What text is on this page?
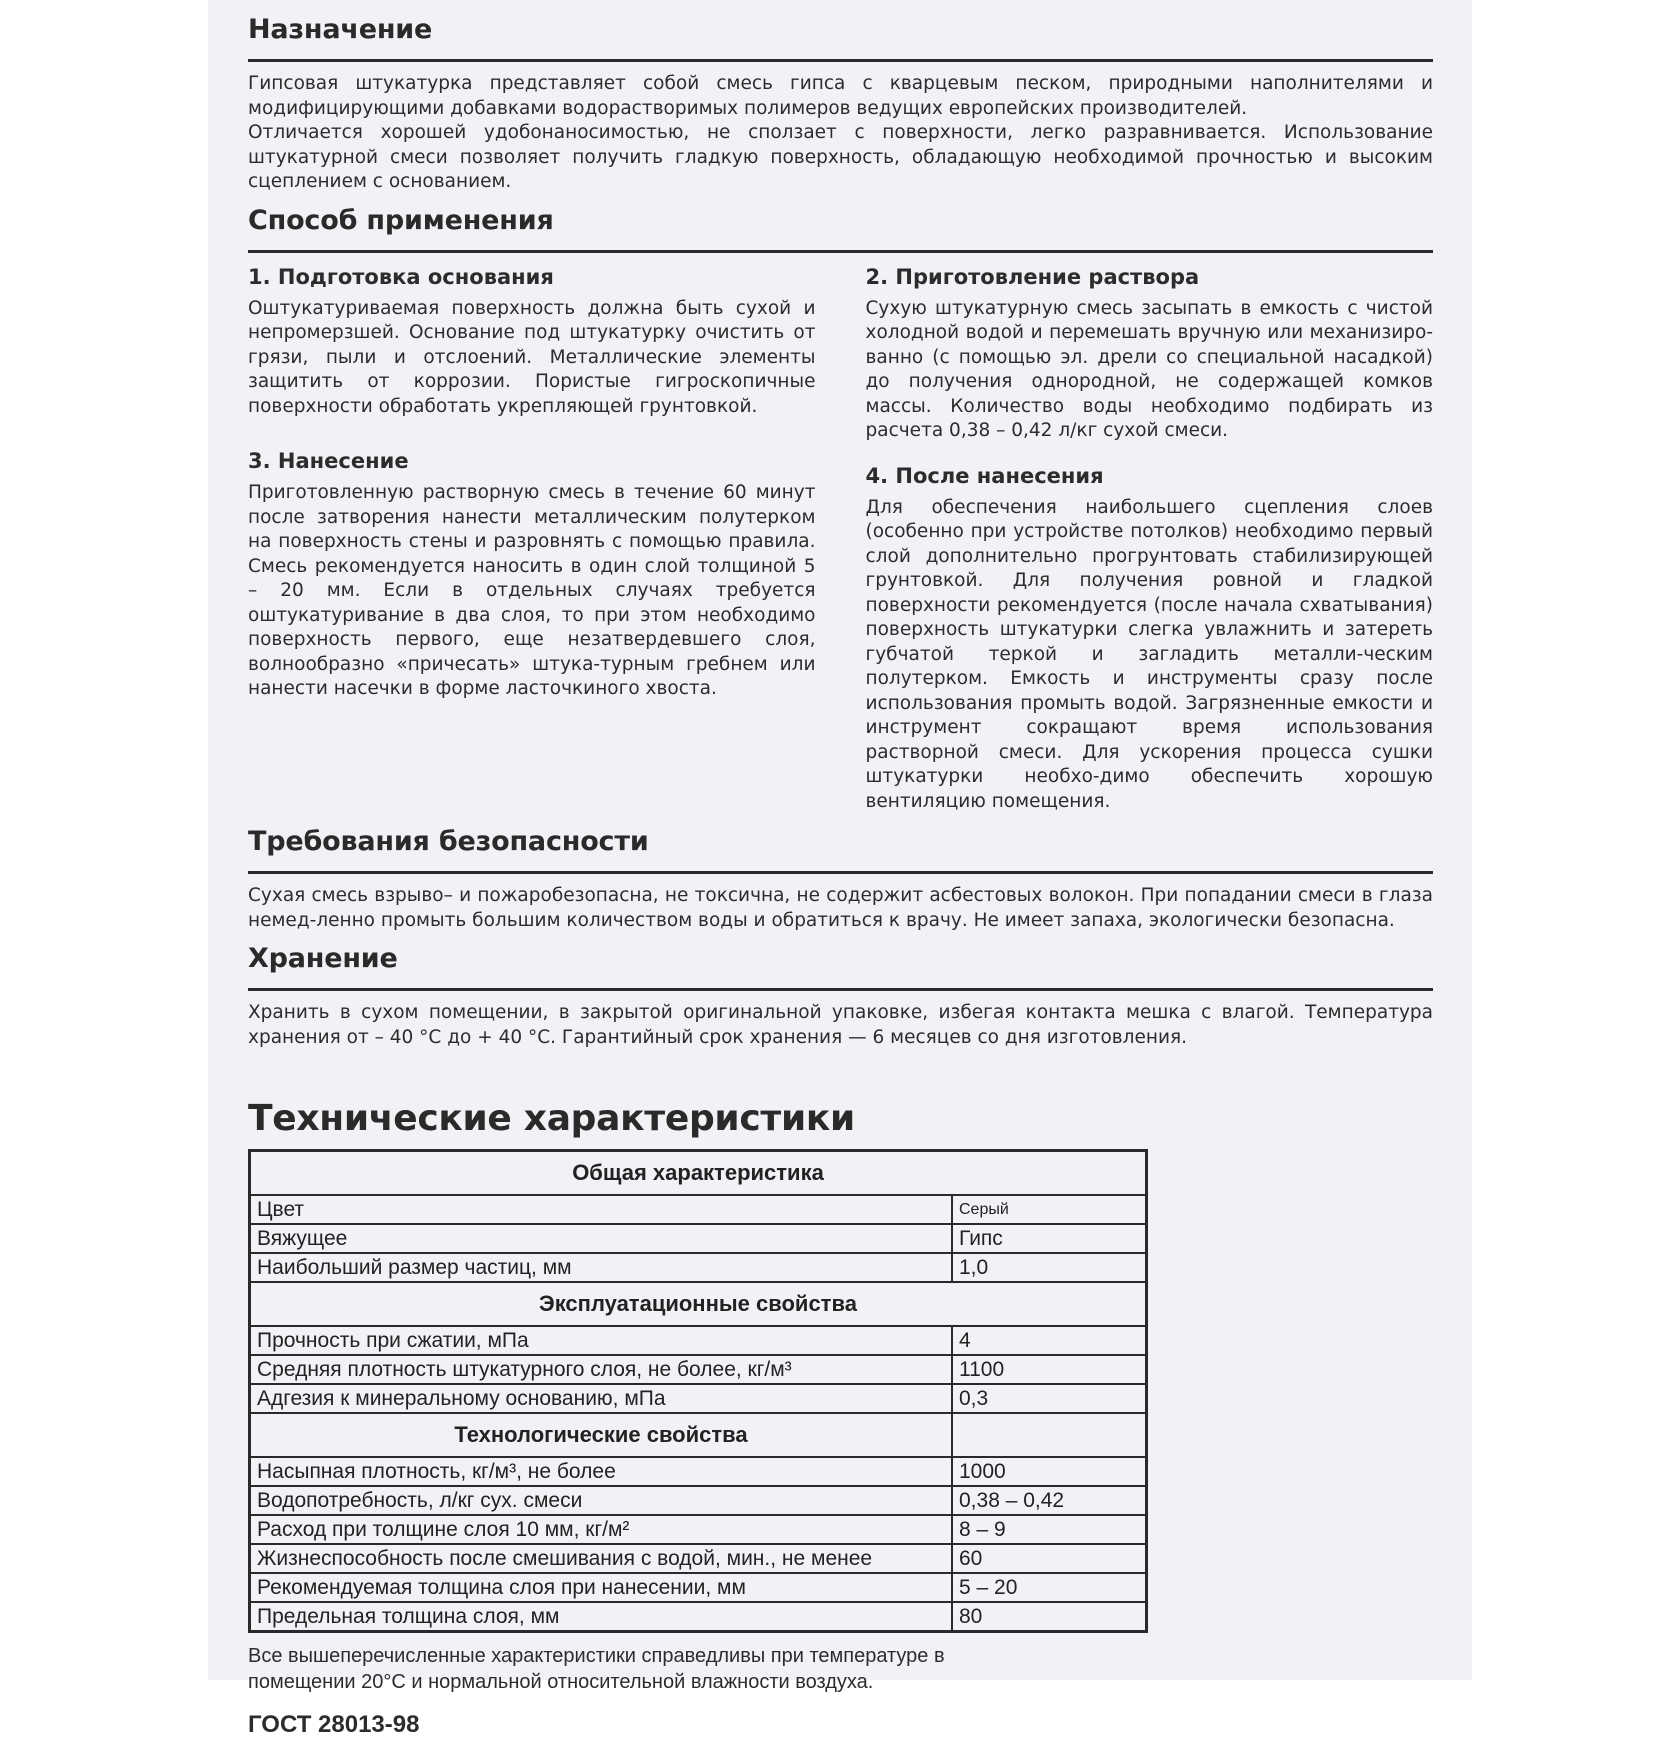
Назначение

Гипсовая штукатурка представляет собой смесь гипса с кварцевым песком, природными наполнителями и модифицирующими добавками водорастворимых полимеров ведущих европейских производителей.

Отличается хорошей удобонаносимостью, не сползает с поверхности, легко разравнивается. Использование штукатурной смеси позволяет получить гладкую поверхность, обладающую необходимой прочностью и высоким сцеплением с основанием.

Способ применения
1. Подготовка основания

Оштукатуриваемая поверхность должна быть сухой и непромерзшей. Основание под штукатурку очистить от грязи, пыли и отслоений. Металлические элементы защитить от коррозии. Пористые гигроскопичные поверхности обработать укрепляющей грунтовкой.

3. Нанесение

Приготовленную растворную смесь в течение 60 минут после затворения нанести металлическим полутерком на поверхность стены и разровнять с помощью правила. Смесь рекомендуется наносить в один слой толщиной 5 – 20 мм. Если в отдельных случаях требуется оштукатуривание в два слоя, то при этом необходимо поверхность первого, еще незатвердевшего слоя, волнообразно «причесать» штука-турным гребнем или нанести насечки в форме ласточкиного хвоста.

2. Приготовление раствора

Сухую штукатурную смесь засыпать в емкость с чистой холодной водой и перемешать вручную или механизиро-ванно (с помощью эл. дрели со специальной насадкой) до получения однородной, не содержащей комков массы. Количество воды необходимо подбирать из расчета 0,38 – 0,42 л/кг сухой смеси.

4. После нанесения

Для обеспечения наибольшего сцепления слоев (особенно при устройстве потолков) необходимо первый слой дополнительно прогрунтовать стабилизирующей грунтовкой. Для получения ровной и гладкой поверхности рекомендуется (после начала схватывания) поверхность штукатурки слегка увлажнить и затереть губчатой теркой и загладить металли-ческим полутерком. Емкость и инструменты сразу после использования промыть водой. Загрязненные емкости и инструмент сокращают время использования растворной смеси. Для ускорения процесса сушки штукатурки необхо-димо обеспечить хорошую вентиляцию помещения.

Требования безопасности

Сухая смесь взрыво– и пожаробезопасна, не токсична, не содержит асбестовых волокон. При попадании смеси в глаза немед-ленно промыть большим количеством воды и обратиться к врачу. Не имеет запаха, экологически безопасна.

Хранение

Хранить в сухом помещении, в закрытой оригинальной упаковке, избегая контакта мешка с влагой. Температура хранения от – 40 °С до + 40 °С. Гарантийный срок хранения — 6 месяцев со дня изготовления.

Технические характеристики
Общая характеристика	
Цвет	Серый
Вяжущее	Гипс
Наибольший размер частиц, мм	1,0
Эксплуатационные свойства	
Прочность при сжатии, мПа	4
Средняя плотность штукатурного слоя, не более, кг/м³	1100
Адгезия к минеральному основанию, мПа	0,3
Технологические свойства	
Насыпная плотность, кг/м³, не более	1000
Водопотребность, л/кг сух. смеси	0,38 – 0,42
Расход при толщине слоя 10 мм, кг/м²	8 – 9
Жизнеспособность после смешивания с водой, мин., не менее	60
Рекомендуемая толщина слоя при нанесении, мм	5 – 20
Предельная толщина слоя, мм	80
Все вышеперечисленные характеристики справедливы при температуре в помещении 20°С и нормальной относительной влажности воздуха.
ГОСТ 28013-98
